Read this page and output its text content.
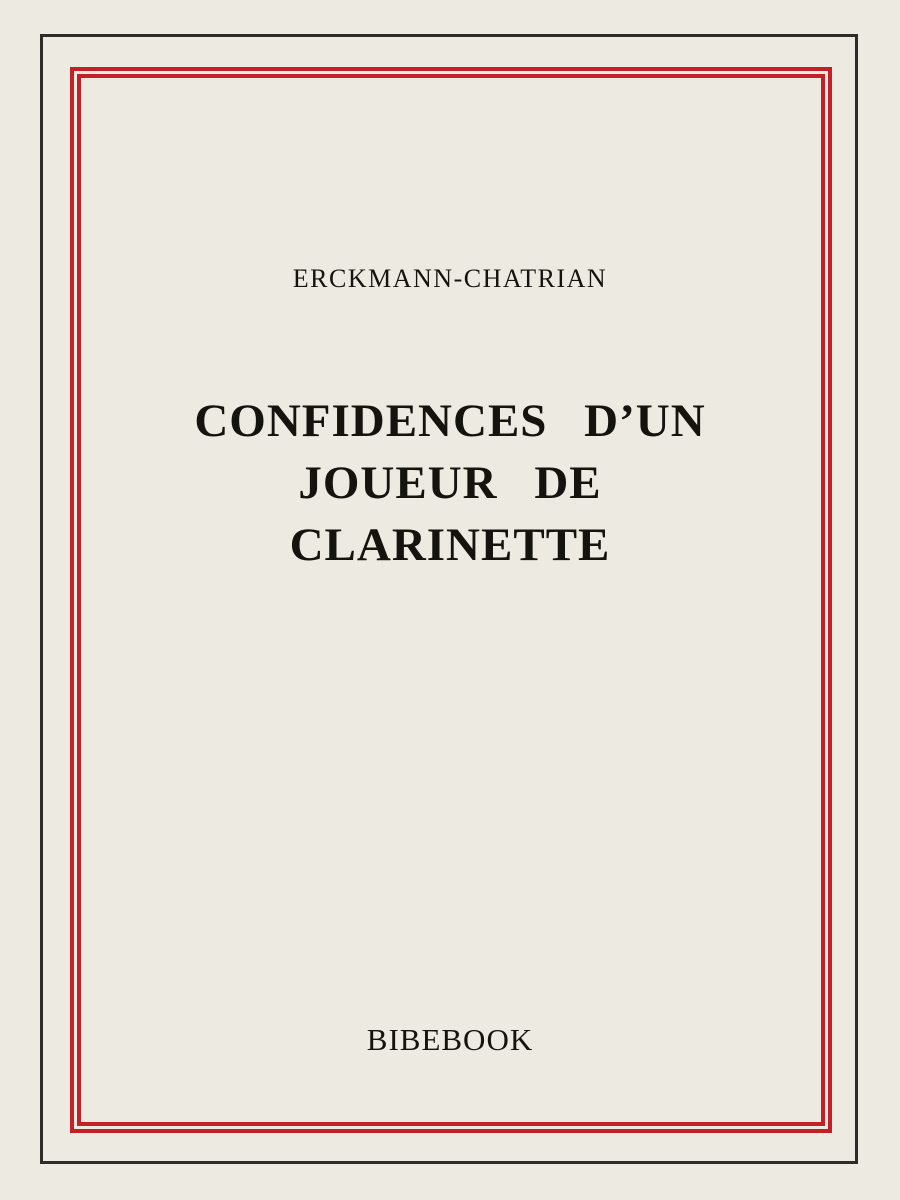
ERCKMANN-CHATRIAN
CONFIDENCES D’UN
JOUEUR DE
CLARINETTE
BIBEBOOK
